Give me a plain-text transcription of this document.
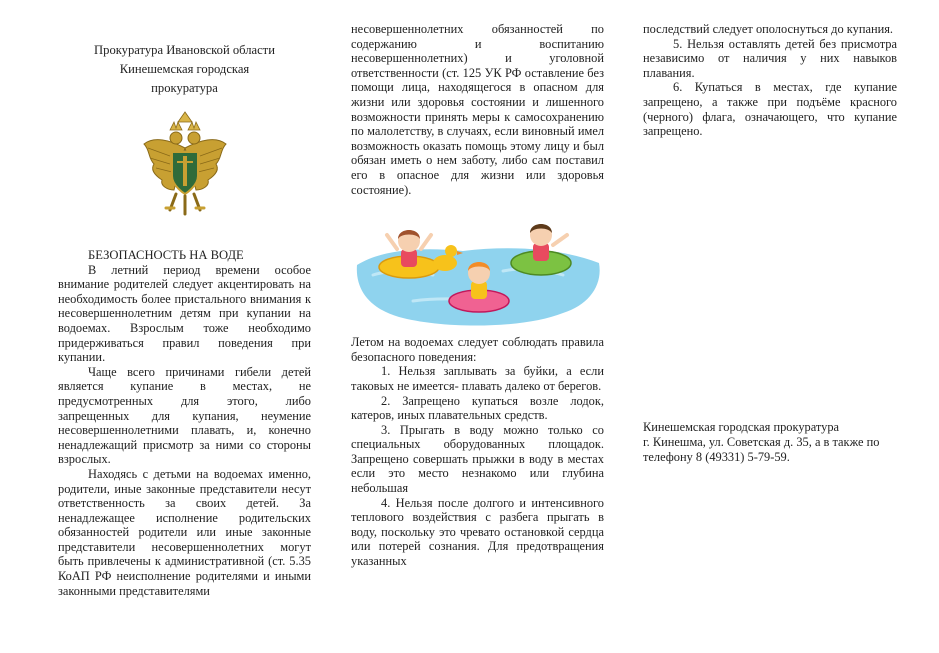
Прокуратура Ивановской области
Кинешемская городская
прокуратура
БЕЗОПАСНОСТЬ НА ВОДЕ

В летний период времени особое внимание родителей следует акцентировать на необходимость более пристального внимания к несовершеннолетним детям при купании на водоемах. Взрослым тоже необходимо придерживаться правил поведения при купании.

Чаще всего причинами гибели детей является купание в местах, не предусмотренных для этого, либо запрещенных для купания, неумение несовершеннолетними плавать, и, конечно ненадлежащий присмотр за ними со стороны взрослых.

Находясь с детьми на водоемах именно, родители, иные законные представители несут ответственность за своих детей. За ненадлежащее исполнение родительских обязанностей родители или иные законные представители несовершеннолетних могут быть привлечены к административной (ст. 5.35 КоАП РФ неисполнение родителями и иными законными представителями

несовершеннолетних обязанностей по содержанию и воспитанию несовершеннолетних) и уголовной ответственности (ст. 125 УК РФ оставление без помощи лица, находящегося в опасном для жизни или здоровья состоянии и лишенного возможности принять меры к самосохранению по малолетству, в случаях, если виновный имел возможность оказать помощь этому лицу и был обязан иметь о нем заботу, либо сам поставил его в опасное для жизни или здоровья состояние).

Летом на водоемах следует соблюдать правила безопасного поведения:

1. Нельзя заплывать за буйки, а если таковых не имеется- плавать далеко от берегов.

2. Запрещено купаться возле лодок, катеров, иных плавательных средств.

3. Прыгать в воду можно только со специальных оборудованных площадок. Запрещено совершать прыжки в воду в местах если это место незнакомо или глубина небольшая

4. Нельзя после долгого и интенсивного теплового воздействия с разбега прыгать в воду, поскольку это чревато остановкой сердца или потерей сознания. Для предотвращения указанных

последствий следует ополоснуться до купания.

5. Нельзя оставлять детей без присмотра независимо от наличия у них навыков плавания.

6. Купаться в местах, где купание запрещено, а также при подъёме красного (черного) флага, означающего, что купание запрещено.

Кинешемская городская прокуратура
г. Кинешма, ул. Советская д. 35, а в также по телефону 8 (49331) 5-79-59.
